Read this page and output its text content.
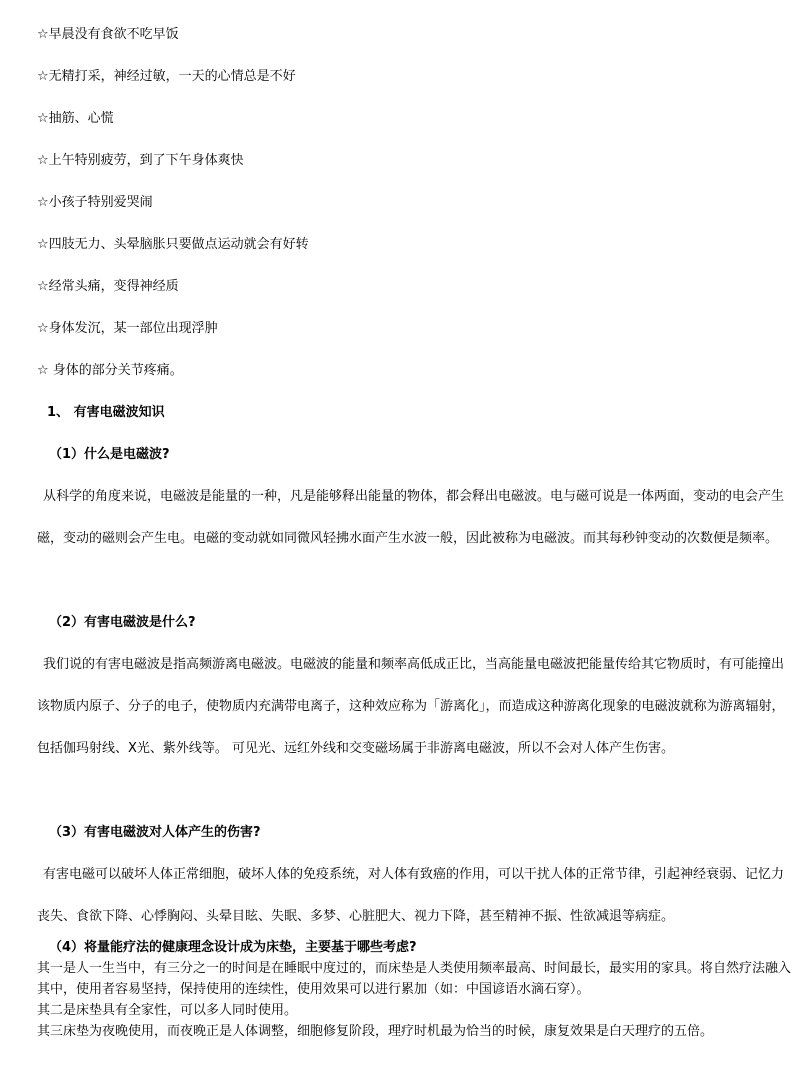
☆早晨没有食欲不吃早饭
☆无精打采，神经过敏，一天的心情总是不好
☆抽筋、心慌
☆上午特别疲劳，到了下午身体爽快
☆小孩子特别爱哭闹
☆四肢无力、头晕脑胀只要做点运动就会有好转
☆经常头痛，变得神经质
☆身体发沉，某一部位出现浮肿
☆ 身体的部分关节疼痛。
1、 有害电磁波知识
（1）什么是电磁波?
从科学的角度来说，电磁波是能量的一种，凡是能够释出能量的物体，都会释出电磁波。电与磁可说是一体两面，变动的电会产生磁，变动的磁则会产生电。电磁的变动就如同微风轻拂水面产生水波一般，因此被称为电磁波。而其每秒钟变动的次数便是频率。
（2）有害电磁波是什么?
我们说的有害电磁波是指高频游离电磁波。电磁波的能量和频率高低成正比，当高能量电磁波把能量传给其它物质时，有可能撞出该物质内原子、分子的电子，使物质内充满带电离子，这种效应称为「游离化」，而造成这种游离化现象的电磁波就称为游离辐射，包括伽玛射线、X光、紫外线等。 可见光、远红外线和交变磁场属于非游离电磁波，所以不会对人体产生伤害。
（3）有害电磁波对人体产生的伤害?
有害电磁可以破坏人体正常细胞，破坏人体的免疫系统，对人体有致癌的作用，可以干扰人体的正常节律，引起神经衰弱、记忆力丧失、食欲下降、心悸胸闷、头晕目眩、失眠、多梦、心脏肥大、视力下降，甚至精神不振、性欲减退等病症。
（4）将量能疗法的健康理念设计成为床垫，主要基于哪些考虑?

其一是人一生当中，有三分之一的时间是在睡眠中度过的，而床垫是人类使用频率最高、时间最长，最实用的家具。将自然疗法融入其中，使用者容易坚持，保持使用的连续性，使用效果可以进行累加（如：中国谚语水滴石穿）。

其二是床垫具有全家性，可以多人同时使用。

其三床垫为夜晚使用，而夜晚正是人体调整，细胞修复阶段，理疗时机最为恰当的时候，康复效果是白天理疗的五倍。
